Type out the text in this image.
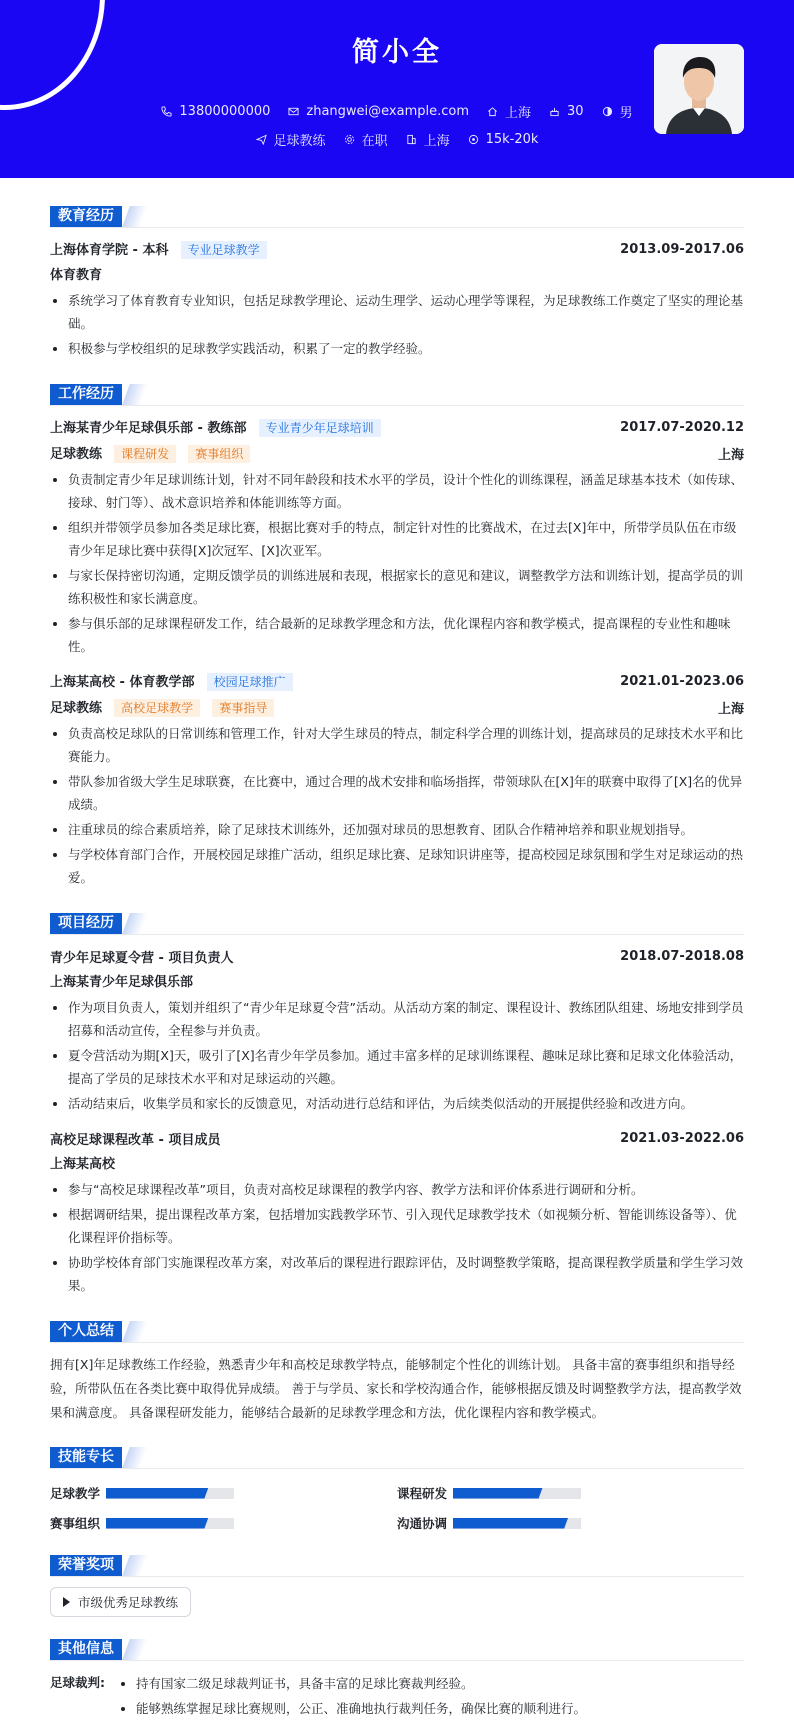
简小全
13800000000	zhangwei@example.com	上海	30	男
足球教练	在职	上海	15k-20k
教育经历
上海体育学院 - 本科 专业足球教学	2013.09-2017.06
体育教育
系统学习了体育教育专业知识，包括足球教学理论、运动生理学、运动心理学等课程，为足球教练工作奠定了坚实的理论基础。
积极参与学校组织的足球教学实践活动，积累了一定的教学经验。
工作经历
上海某青少年足球俱乐部 - 教练部 专业青少年足球培训	2017.07-2020.12
足球教练 课程研发 赛事组织	上海
负责制定青少年足球训练计划，针对不同年龄段和技术水平的学员，设计个性化的训练课程，涵盖足球基本技术（如传球、接球、射门等）、战术意识培养和体能训练等方面。
组织并带领学员参加各类足球比赛，根据比赛对手的特点，制定针对性的比赛战术，在过去[X]年中，所带学员队伍在市级青少年足球比赛中获得[X]次冠军、[X]次亚军。
与家长保持密切沟通，定期反馈学员的训练进展和表现，根据家长的意见和建议，调整教学方法和训练计划，提高学员的训练积极性和家长满意度。
参与俱乐部的足球课程研发工作，结合最新的足球教学理念和方法，优化课程内容和教学模式，提高课程的专业性和趣味性。
上海某高校 - 体育教学部 校园足球推广	2021.01-2023.06
足球教练 高校足球教学 赛事指导	上海
负责高校足球队的日常训练和管理工作，针对大学生球员的特点，制定科学合理的训练计划，提高球员的足球技术水平和比赛能力。
带队参加省级大学生足球联赛，在比赛中，通过合理的战术安排和临场指挥，带领球队在[X]年的联赛中取得了[X]名的优异成绩。
注重球员的综合素质培养，除了足球技术训练外，还加强对球员的思想教育、团队合作精神培养和职业规划指导。
与学校体育部门合作，开展校园足球推广活动，组织足球比赛、足球知识讲座等，提高校园足球氛围和学生对足球运动的热爱。
项目经历
青少年足球夏令营 - 项目负责人	2018.07-2018.08
上海某青少年足球俱乐部
作为项目负责人，策划并组织了“青少年足球夏令营”活动。从活动方案的制定、课程设计、教练团队组建、场地安排到学员招募和活动宣传，全程参与并负责。
夏令营活动为期[X]天，吸引了[X]名青少年学员参加。通过丰富多样的足球训练课程、趣味足球比赛和足球文化体验活动，提高了学员的足球技术水平和对足球运动的兴趣。
活动结束后，收集学员和家长的反馈意见，对活动进行总结和评估，为后续类似活动的开展提供经验和改进方向。
高校足球课程改革 - 项目成员	2021.03-2022.06
上海某高校
参与“高校足球课程改革”项目，负责对高校足球课程的教学内容、教学方法和评价体系进行调研和分析。
根据调研结果，提出课程改革方案，包括增加实践教学环节、引入现代足球教学技术（如视频分析、智能训练设备等）、优化课程评价指标等。
协助学校体育部门实施课程改革方案，对改革后的课程进行跟踪评估，及时调整教学策略，提高课程教学质量和学生学习效果。
个人总结

拥有[X]年足球教练工作经验，熟悉青少年和高校足球教学特点，能够制定个性化的训练计划。 具备丰富的赛事组织和指导经验，所带队伍在各类比赛中取得优异成绩。 善于与学员、家长和学校沟通合作，能够根据反馈及时调整教学方法，提高教学效果和满意度。 具备课程研发能力，能够结合最新的足球教学理念和方法，优化课程内容和教学模式。

技能专长
足球教学	课程研发
赛事组织	沟通协调
荣誉奖项
市级优秀足球教练
其他信息
足球裁判:	持有国家二级足球裁判证书，具备丰富的足球比赛裁判经验。
能够熟练掌握足球比赛规则，公正、准确地执行裁判任务，确保比赛的顺利进行。
